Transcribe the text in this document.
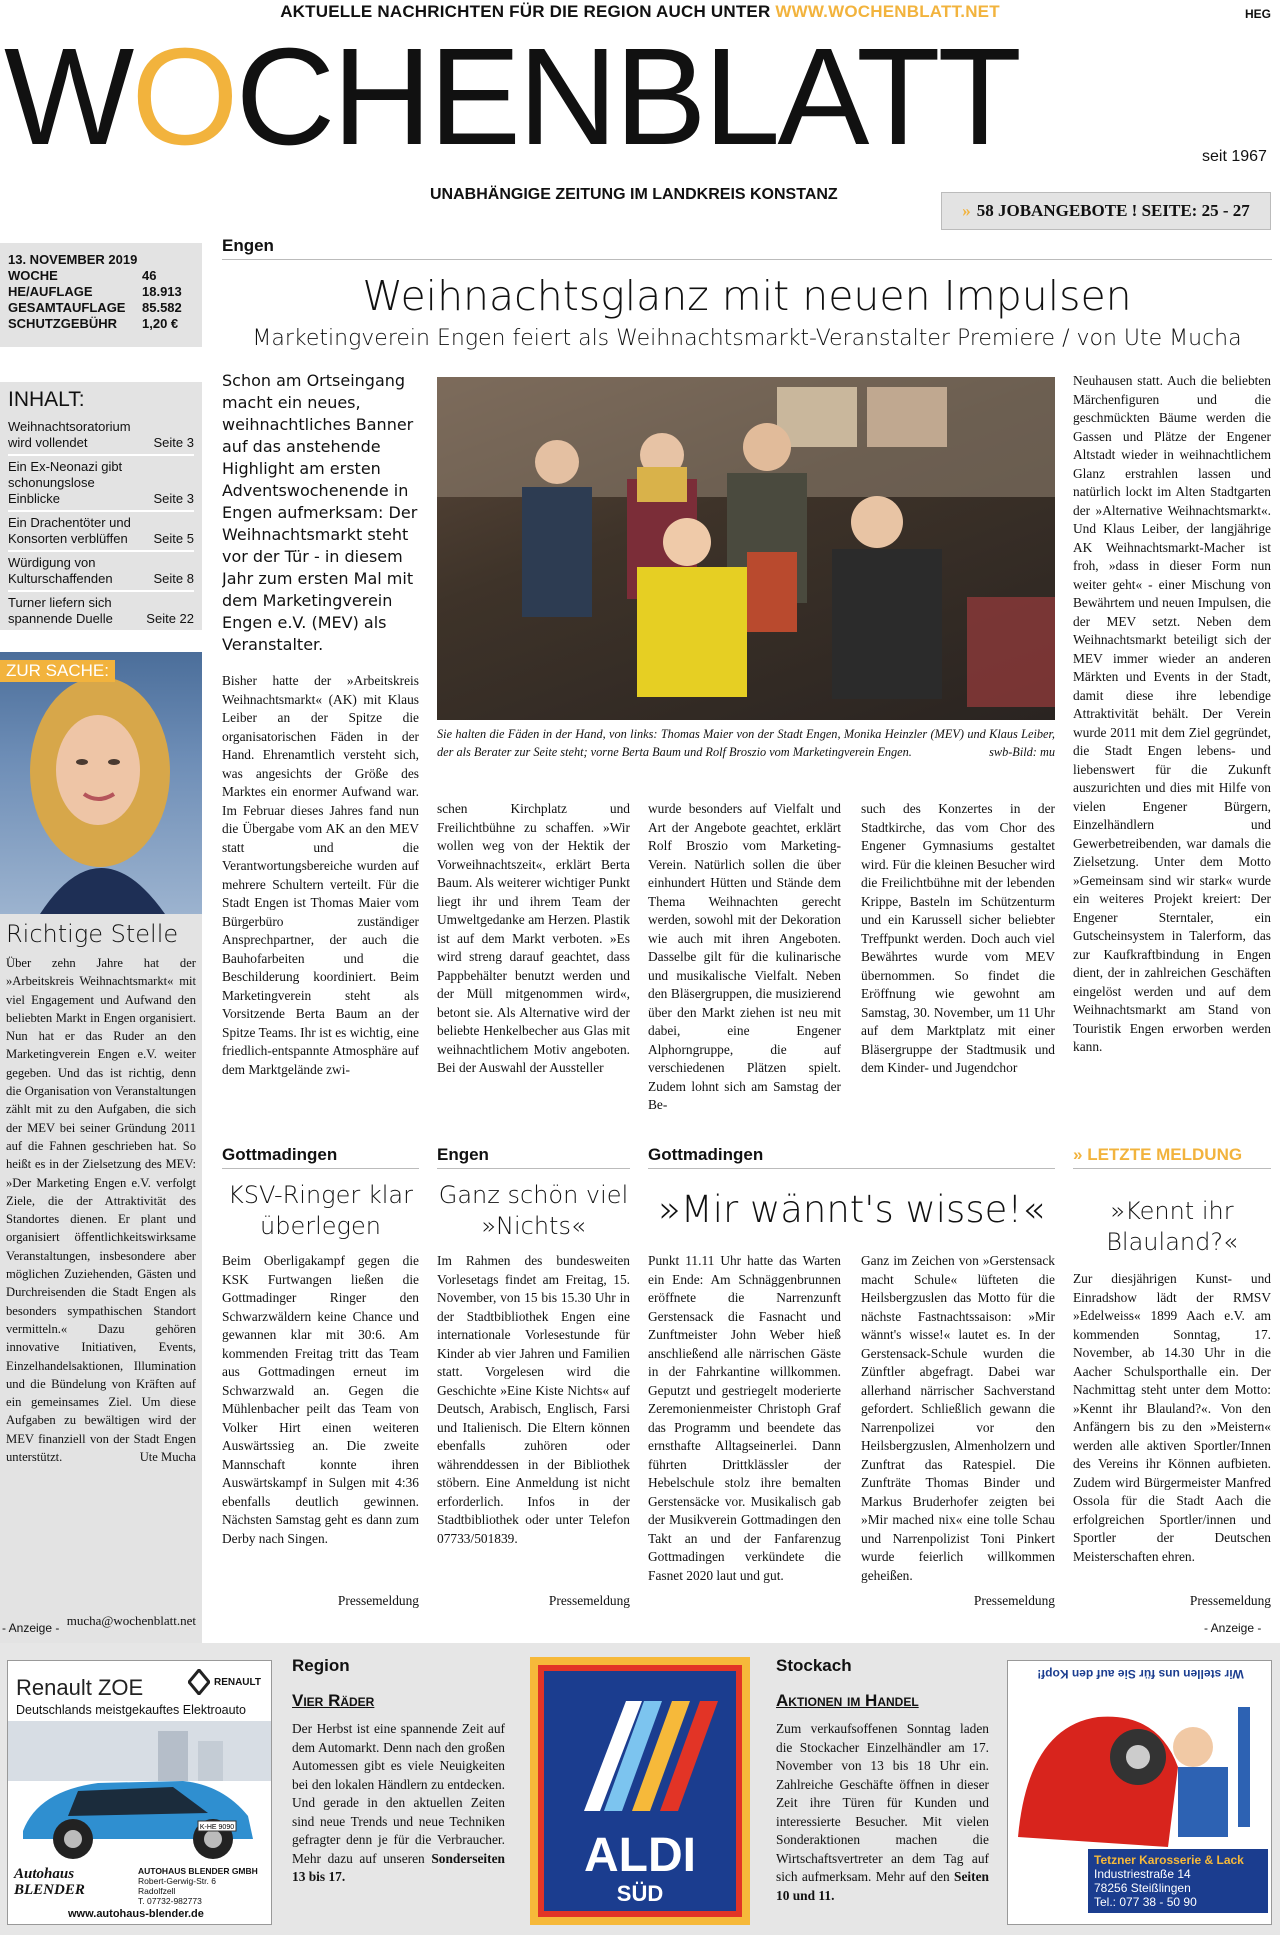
AKTUELLE NACHRICHTEN FÜR DIE REGION AUCH UNTER WWW.WOCHENBLATT.NET	HEG
WOCHENBLATT	seit 1967
UNABHÄNGIGE ZEITUNG IM LANDKREIS KONSTANZ
» 58 JOBANGEBOTE ! SEITE: 25 - 27
13. NOVEMBER 2019
WOCHE	46
HE/AUFLAGE	18.913
GESAMTAUFLAGE 85.582
SCHUTZGEBÜHR 1,20 €
INHALT:
Weihnachtsoratorium wird vollendet	Seite 3
Ein Ex-Neonazi gibt schonungslose Einblicke	Seite 3
Ein Drachentöter und Konsorten verblüffen	Seite 5
Würdigung von Kulturschaffenden	Seite 8
Turner liefern sich spannende Duelle	Seite 22
ZUR SACHE:
Richtige Stelle
Über zehn Jahre hat der »Arbeitskreis Weihnachtsmarkt« mit viel Engagement und Aufwand den beliebten Markt in Engen organisiert. Nun hat er das Ruder an den Marketingverein Engen e.V. weiter gegeben. Und das ist richtig, denn die Organisation von Veranstaltungen zählt mit zu den Aufgaben, die sich der MEV bei seiner Gründung 2011 auf die Fahnen geschrieben hat. So heißt es in der Zielsetzung des MEV: »Der Marketing Engen e.V. verfolgt Ziele, die der Attraktivität des Standortes dienen. Er plant und organisiert öffentlichkeitswirksame Veranstaltungen, insbesondere aber möglichen Zuziehenden, Gästen und Durchreisenden die Stadt Engen als besonders sympathischen Standort vermitteln.« Dazu gehören innovative Initiativen, Events, Einzelhandelsaktionen, Illumination und die Bündelung von Kräften auf ein gemeinsames Ziel. Um diese Aufgaben zu bewältigen wird der MEV finanziell von der Stadt Engen unterstützt.	Ute Mucha
mucha@wochenblatt.net
Engen
Weihnachtsglanz mit neuen Impulsen
Marketingverein Engen feiert als Weihnachtsmarkt-Veranstalter Premiere / von Ute Mucha
Schon am Ortseingang macht ein neues, weihnachtliches Banner auf das anstehende Highlight am ersten Adventswochenende in Engen aufmerksam: Der Weihnachtsmarkt steht vor der Tür - in diesem Jahr zum ersten Mal mit dem Marketingverein Engen e.V. (MEV) als Veranstalter.
Sie halten die Fäden in der Hand, von links: Thomas Maier von der Stadt Engen, Monika Heinzler (MEV) und Klaus Leiber, der als Berater zur Seite steht; vorne Berta Baum und Rolf Broszio vom Marketingverein Engen.	swb-Bild: mu
Bisher hatte der »Arbeitskreis Weihnachtsmarkt« (AK) mit Klaus Leiber an der Spitze die organisatorischen Fäden in der Hand. Ehrenamtlich versteht sich, was angesichts der Größe des Marktes ein enormer Aufwand war. Im Februar dieses Jahres fand nun die Übergabe vom AK an den MEV statt und die Verantwortungsbereiche wurden auf mehrere Schultern verteilt. Für die Stadt Engen ist Thomas Maier vom Bürgerbüro zuständiger Ansprechpartner, der auch die Bauhofarbeiten und die Beschilderung koordiniert. Beim Marketingverein steht als Vorsitzende Berta Baum an der Spitze Teams. Ihr ist es wichtig, eine friedlich-entspannte Atmosphäre auf dem Marktgelände zwi-
schen Kirchplatz und Freilichtbühne zu schaffen. »Wir wollen weg von der Hektik der Vorweihnachtszeit«, erklärt Berta Baum. Als weiterer wichtiger Punkt liegt ihr und ihrem Team der Umweltgedanke am Herzen. Plastik ist auf dem Markt verboten. »Es wird streng darauf geachtet, dass Pappbehälter benutzt werden und der Müll mitgenommen wird«, betont sie. Als Alternative wird der beliebte Henkelbecher aus Glas mit weihnachtlichem Motiv angeboten. Bei der Auswahl der Aussteller
wurde besonders auf Vielfalt und Art der Angebote geachtet, erklärt Rolf Broszio vom Marketing-Verein. Natürlich sollen die über einhundert Hütten und Stände dem Thema Weihnachten gerecht werden, sowohl mit der Dekoration wie auch mit ihren Angeboten. Dasselbe gilt für die kulinarische und musikalische Vielfalt. Neben den Bläsergruppen, die musizierend über den Markt ziehen ist neu mit dabei, eine Engener Alphorngruppe, die auf verschiedenen Plätzen spielt. Zudem lohnt sich am Samstag der Be-
such des Konzertes in der Stadtkirche, das vom Chor des Engener Gymnasiums gestaltet wird. Für die kleinen Besucher wird die Freilichtbühne mit der lebenden Krippe, Basteln im Schützenturm und ein Karussell sicher beliebter Treffpunkt werden. Doch auch viel Bewährtes wurde vom MEV übernommen. So findet die Eröffnung wie gewohnt am Samstag, 30. November, um 11 Uhr auf dem Marktplatz mit einer Bläsergruppe der Stadtmusik und dem Kinder- und Jugendchor
Neuhausen statt. Auch die beliebten Märchenfiguren und die geschmückten Bäume werden die Gassen und Plätze der Engener Altstadt wieder in weihnachtlichem Glanz erstrahlen lassen und natürlich lockt im Alten Stadtgarten der »Alternative Weihnachtsmarkt«. Und Klaus Leiber, der langjährige AK Weihnachtsmarkt-Macher ist froh, »dass in dieser Form nun weiter geht« - einer Mischung von Bewährtem und neuen Impulsen, die der MEV setzt. Neben dem Weihnachtsmarkt beteiligt sich der MEV immer wieder an anderen Märkten und Events in der Stadt, damit diese ihre lebendige Attraktivität behält. Der Verein wurde 2011 mit dem Ziel gegründet, die Stadt Engen lebens- und liebenswert für die Zukunft auszurichten und dies mit Hilfe von vielen Engener Bürgern, Einzelhändlern und Gewerbetreibenden, war damals die Zielsetzung. Unter dem Motto »Gemeinsam sind wir stark« wurde ein weiteres Projekt kreiert: Der Engener Sterntaler, ein Gutscheinsystem in Talerform, das zur Kaufkraftbindung in Engen dient, der in zahlreichen Geschäften eingelöst werden und auf dem Weihnachtsmarkt am Stand von Touristik Engen erworben werden kann.
Gottmadingen
KSV-Ringer klar überlegen
Beim Oberligakampf gegen die KSK Furtwangen ließen die Gottmadinger Ringer den Schwarzwäldern keine Chance und gewannen klar mit 30:6. Am kommenden Freitag tritt das Team aus Gottmadingen erneut im Schwarzwald an. Gegen die Mühlenbacher peilt das Team von Volker Hirt einen weiteren Auswärtssieg an. Die zweite Mannschaft konnte ihren Auswärtskampf in Sulgen mit 4:36 ebenfalls deutlich gewinnen. Nächsten Samstag geht es dann zum Derby nach Singen.
Pressemeldung
Engen
Ganz schön viel »Nichts«
Im Rahmen des bundesweiten Vorlesetags findet am Freitag, 15. November, von 15 bis 15.30 Uhr in der Stadtbibliothek Engen eine internationale Vorlesestunde für Kinder ab vier Jahren und Familien statt. Vorgelesen wird die Geschichte »Eine Kiste Nichts« auf Deutsch, Arabisch, Englisch, Farsi und Italienisch. Die Eltern können ebenfalls zuhören oder währenddessen in der Bibliothek stöbern. Eine Anmeldung ist nicht erforderlich. Infos in der Stadtbibliothek oder unter Telefon 07733/501839.
Pressemeldung
Gottmadingen
»Mir wännt's wisse!«
Punkt 11.11 Uhr hatte das Warten ein Ende: Am Schnäggenbrunnen eröffnete die Narrenzunft Gerstensack die Fasnacht und Zunftmeister John Weber hieß anschließend alle närrischen Gäste in der Fahrkantine willkommen. Geputzt und gestriegelt moderierte Zeremonienmeister Christoph Graf das Programm und beendete das ernsthafte Alltagseinerlei. Dann führten Drittklässler der Hebelschule stolz ihre bemalten Gerstensäcke vor. Musikalisch gab der Musikverein Gottmadingen den Takt an und der Fanfarenzug Gottmadingen verkündete die Fasnet 2020 laut und gut.
Ganz im Zeichen von »Gerstensack macht Schule« lüfteten die Heilsbergzuslen das Motto für die nächste Fastnachtssaison: »Mir wännt's wisse!« lautet es. In der Gerstensack-Schule wurden die Zünftler abgefragt. Dabei war allerhand närrischer Sachverstand gefordert. Schließlich gewann die Narrenpolizei vor den Heilsbergzuslen, Almenholzern und Zunftrat das Ratespiel. Die Zunfträte Thomas Binder und Markus Bruderhofer zeigten bei »Mir mached nix« eine tolle Schau und Narrenpolizist Toni Pinkert wurde feierlich willkommen geheißen.
Pressemeldung
» LETZTE MELDUNG
»Kennt ihr Blauland?«
Zur diesjährigen Kunst- und Einradshow lädt der RMSV »Edelweiss« 1899 Aach e.V. am kommenden Sonntag, 17. November, ab 14.30 Uhr in die Aacher Schulsporthalle ein. Der Nachmittag steht unter dem Motto: »Kennt ihr Blauland?«. Von den Anfängern bis zu den »Meistern« werden alle aktiven Sportler/Innen des Vereins ihr Können aufbieten. Zudem wird Bürgermeister Manfred Ossola für die Stadt Aach die erfolgreichen Sportler/innen und Sportler der Deutschen Meisterschaften ehren.
Pressemeldung
- Anzeige -	- Anzeige -
RENAULT
Renault ZOE
Deutschlands meistgekauftes Elektroauto
K-HE 9090
Autohaus BLENDER
AUTOHAUS BLENDER GMBH
Robert-Gerwig-Str. 6
Radolfzell
T. 07732-982773
www.autohaus-blender.de
Region
Vier Räder
Der Herbst ist eine spannende Zeit auf dem Automarkt. Denn nach den großen Automessen gibt es viele Neuigkeiten bei den lokalen Händlern zu entdecken. Und gerade in den aktuellen Zeiten sind neue Trends und neue Techniken gefragter denn je für die Verbraucher. Mehr dazu auf unseren Sonderseiten 13 bis 17.	ALDI
SÜD
Stockach
Aktionen im Handel
Zum verkaufsoffenen Sonntag laden die Stockacher Einzelhändler am 17. November von 13 bis 18 Uhr ein. Zahlreiche Geschäfte öffnen in dieser Zeit ihre Türen für Kunden und interessierte Besucher. Mit vielen Sonderaktionen machen die Wirtschaftsvertreter an dem Tag auf sich aufmerksam. Mehr auf den Seiten 10 und 11.
Wir stellen uns für Sie auf den Kopf!
Tetzner Karosserie & Lack
Industriestraße 14
78256 Steißlingen
Tel.: 077 38 - 50 90
